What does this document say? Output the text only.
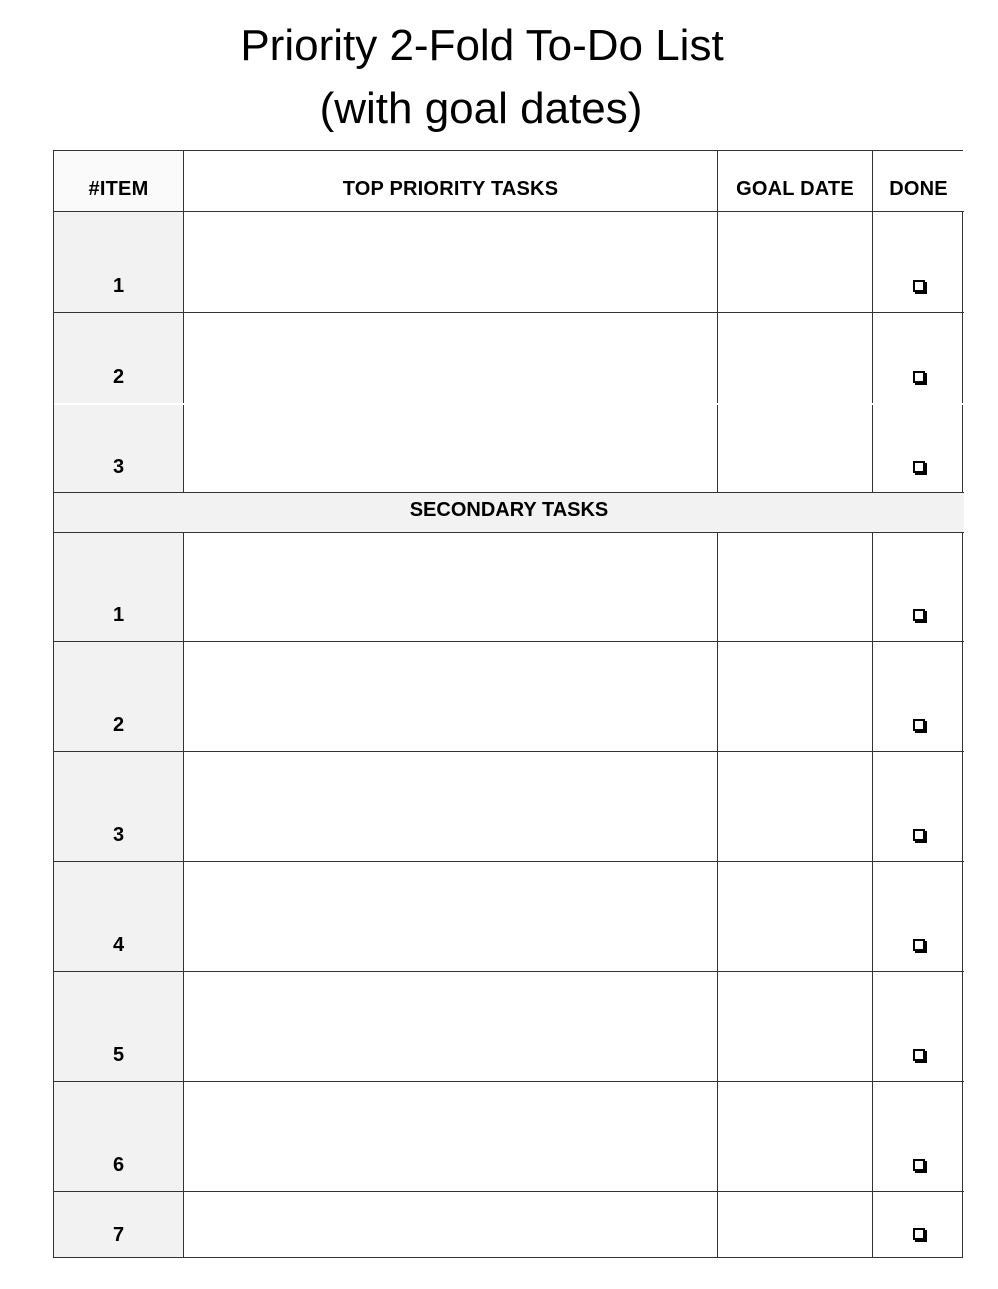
Priority 2-Fold To-Do List
(with goal dates)
#ITEM	TOP PRIORITY TASKS	GOAL DATE	DONE
1
2
3
SECONDARY TASKS
1
2
3
4
5
6
7
